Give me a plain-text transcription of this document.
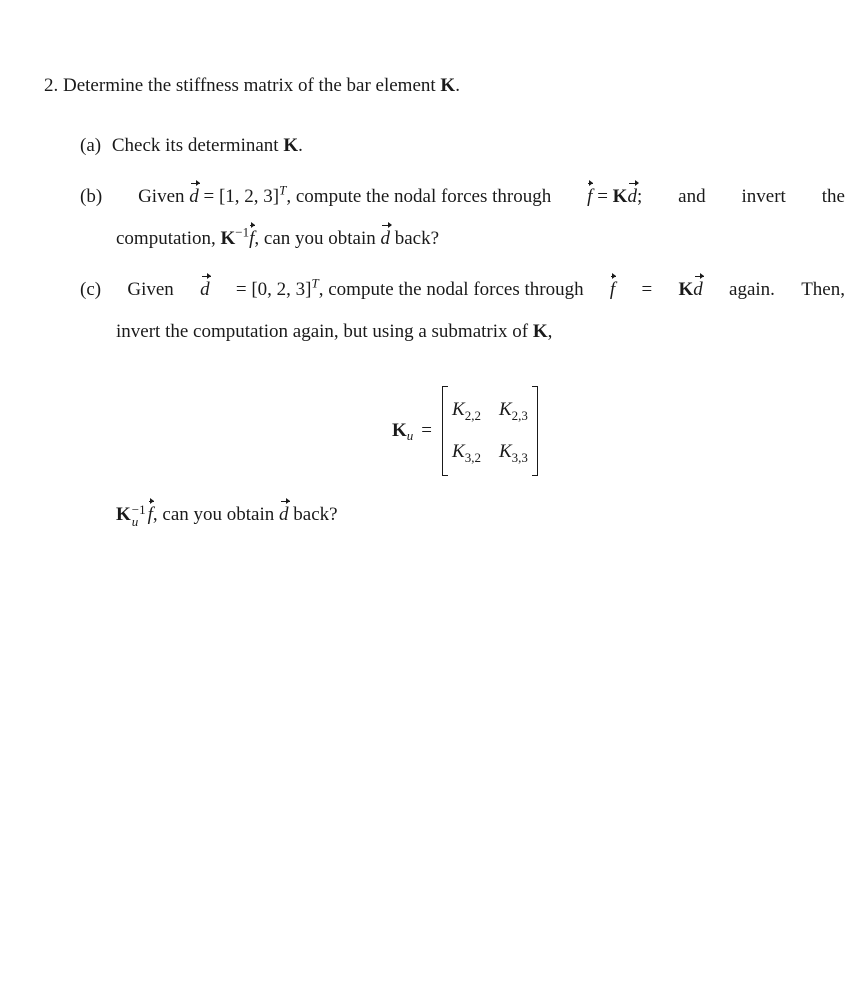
2. Determine the stiffness matrix of the bar element K.
(a) Check its determinant K.
(b) Given d = [1, 2, 3]$^T$, compute the nodal forces through f = Kd; and invert the
computation, $K^{-1}f$, can you obtain d back?
(c) Given d = [0, 2, 3]$^T$, compute the nodal forces through f = Kd again. Then,
invert the computation again, but using a submatrix of K,
K u =
$K_{2,2}$ $K_{2,3}$
$K_{3,2}$ $K_{3,3}$
K −1
u f, can you obtain d back?
